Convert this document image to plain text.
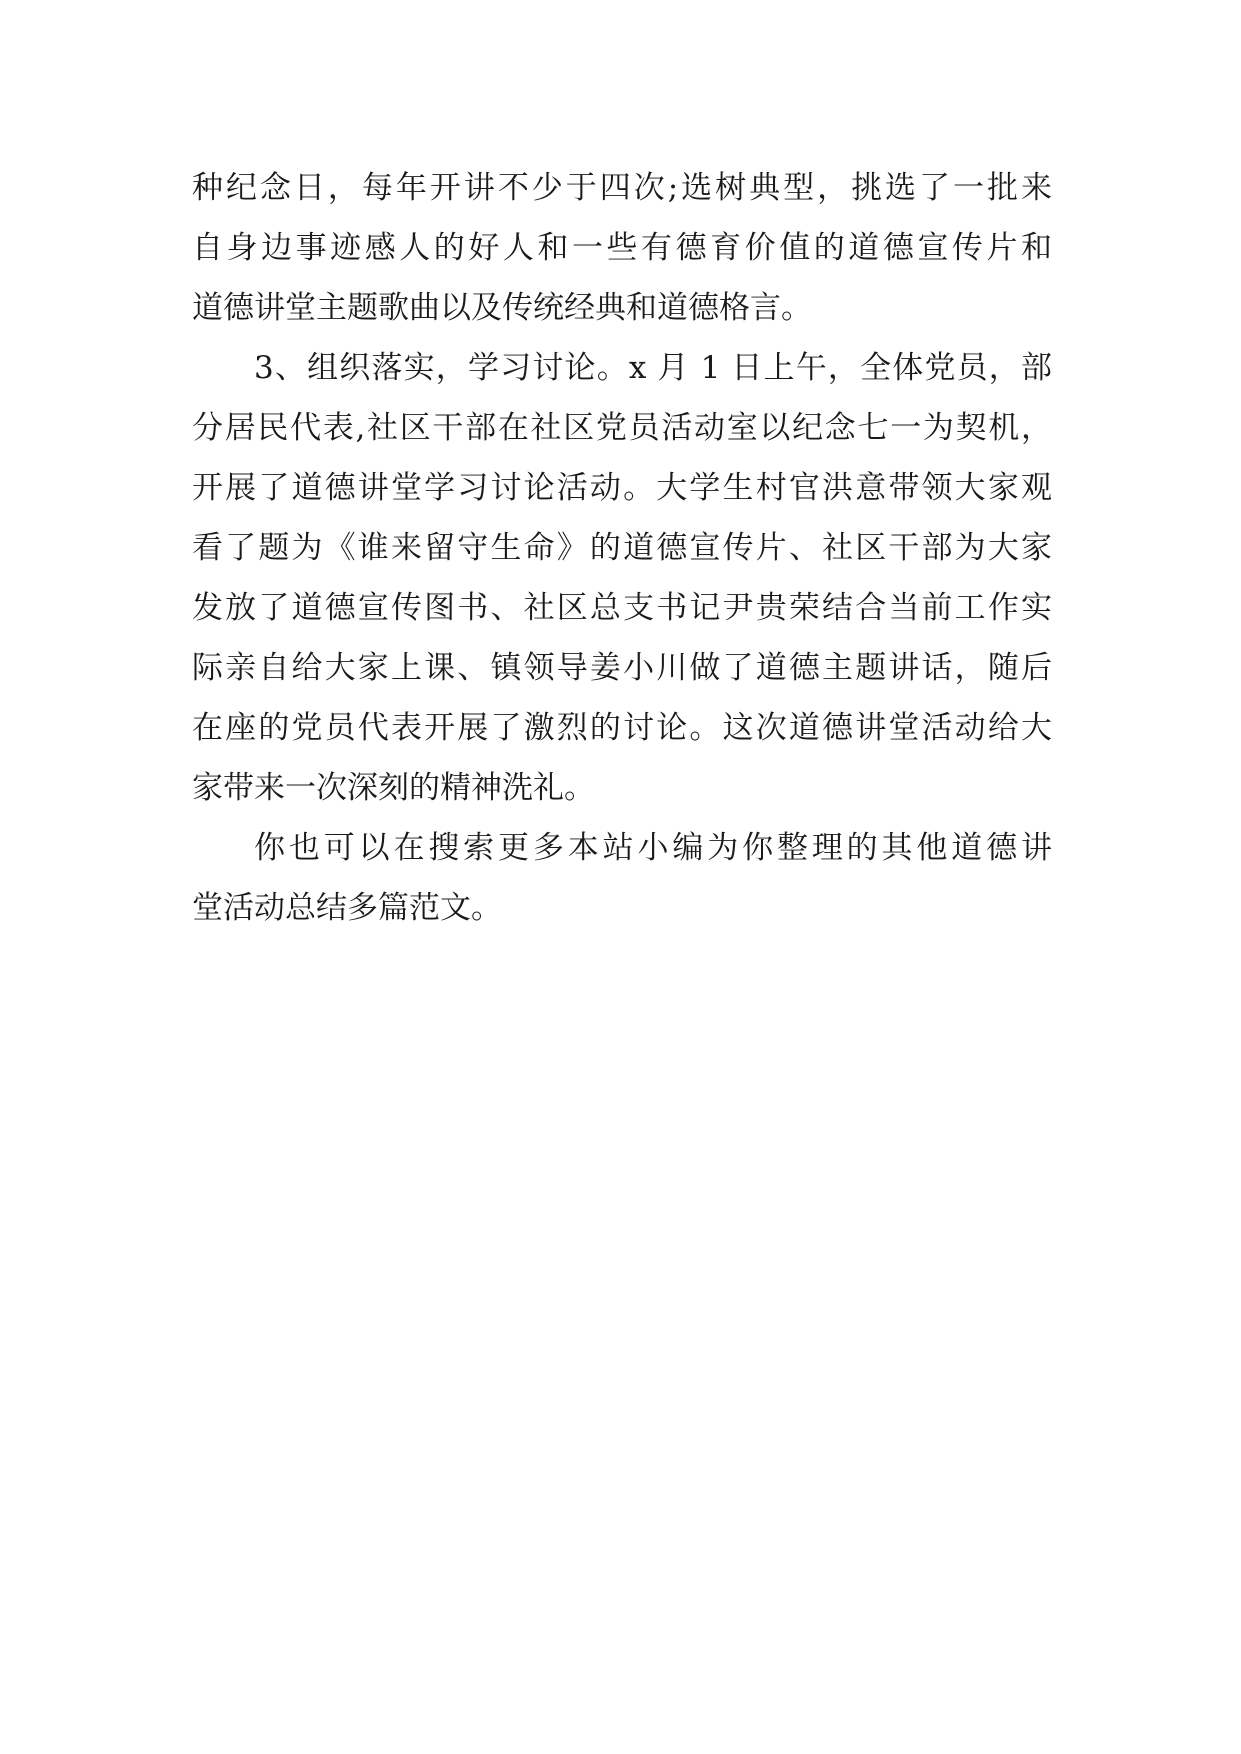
种纪念日，每年开讲不少于四次;选树典型，挑选了一批来
自身边事迹感人的好人和一些有德育价值的道德宣传片和
道德讲堂主题歌曲以及传统经典和道德格言。
3、组织落实，学习讨论。x 月 1 日上午，全体党员，部
分居民代表,社区干部在社区党员活动室以纪念七一为契机，
开展了道德讲堂学习讨论活动。大学生村官洪意带领大家观
看了题为《谁来留守生命》的道德宣传片、社区干部为大家
发放了道德宣传图书、社区总支书记尹贵荣结合当前工作实
际亲自给大家上课、镇领导姜小川做了道德主题讲话，随后
在座的党员代表开展了激烈的讨论。这次道德讲堂活动给大
家带来一次深刻的精神洗礼。
你也可以在搜索更多本站小编为你整理的其他道德讲
堂活动总结多篇范文。
